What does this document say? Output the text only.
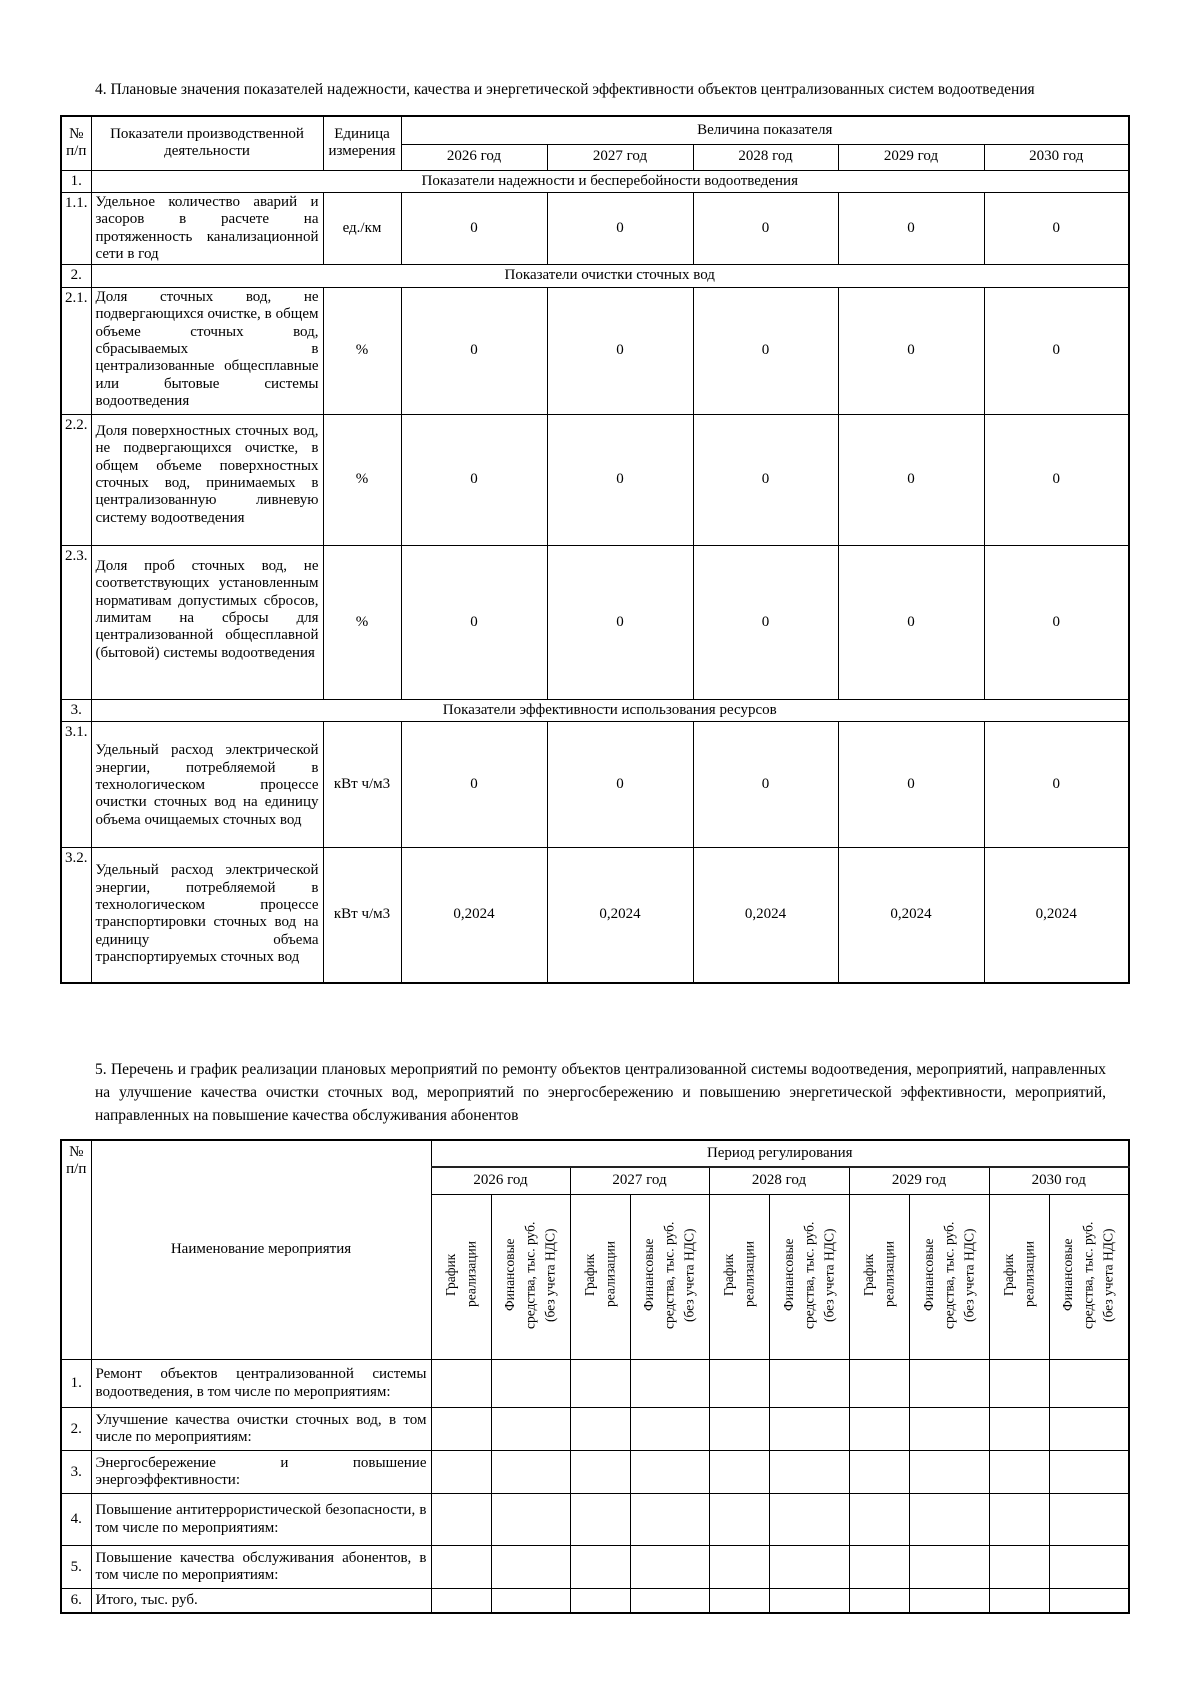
4. Плановые значения показателей надежности, качества и энергетической эффективности объектов централизованных систем водоотведения

№ п/п	Показатели производственной деятельности	Единица измерения	Величина показателя				
			2026 год	2027 год	2028 год	2029 год	2030 год
1.	Показатели надежности и бесперебойности водоотведения						
1.1.	Удельное количество аварий и засоров в расчете на протяженность канализационной сети в год	ед./км	0	0	0	0	0
2.	Показатели очистки сточных вод						
2.1.	Доля сточных вод, не подвергающихся очистке, в общем объеме сточных вод, сбрасываемых в централизованные общесплавные или бытовые системы водоотведения	%	0	0	0	0	0
2.2.	Доля поверхностных сточных вод, не подвергающихся очистке, в общем объеме поверхностных сточных вод, принимаемых в централизованную ливневую систему водоотведения	%	0	0	0	0	0
2.3.	Доля проб сточных вод, не соответствующих установленным нормативам допустимых сбросов, лимитам на сбросы для централизованной общесплавной (бытовой) системы водоотведения	%	0	0	0	0	0
3.	Показатели эффективности использования ресурсов						
3.1.	Удельный расход электрической энергии, потребляемой в технологическом процессе очистки сточных вод на единицу объема очищаемых сточных вод	кВт ч/м3	0	0	0	0	0
3.2.	Удельный расход электрической энергии, потребляемой в технологическом процессе транспортировки сточных вод на единицу объема транспортируемых сточных вод	кВт ч/м3	0,2024	0,2024	0,2024	0,2024	0,2024

5. Перечень и график реализации плановых мероприятий по ремонту объектов централизованной системы водоотведения, мероприятий, направленных на улучшение качества очистки сточных вод, мероприятий по энергосбережению и повышению энергетической эффективности, мероприятий, направленных на повышение качества обслуживания абонентов

№ п/п	Наименование мероприятия	Период регулирования									
		2026 год		2027 год		2028 год		2029 год		2030 год	
		График реализации	Финансовые средства, тыс. руб. (без учета НДС)	График реализации	Финансовые средства, тыс. руб. (без учета НДС)	График реализации	Финансовые средства, тыс. руб. (без учета НДС)	График реализации	Финансовые средства, тыс. руб. (без учета НДС)	График реализации	Финансовые средства, тыс. руб. (без учета НДС)
1.	Ремонт объектов централизованной системы водоотведения, в том числе по мероприятиям:										
2.	Улучшение качества очистки сточных вод, в том числе по мероприятиям:										
3.	Энергосбережение и повышение энергоэффективности:										
4.	Повышение антитеррористической безопасности, в том числе по мероприятиям:										
5.	Повышение качества обслуживания абонентов, в том числе по мероприятиям:										
6.	Итого, тыс. руб.										
